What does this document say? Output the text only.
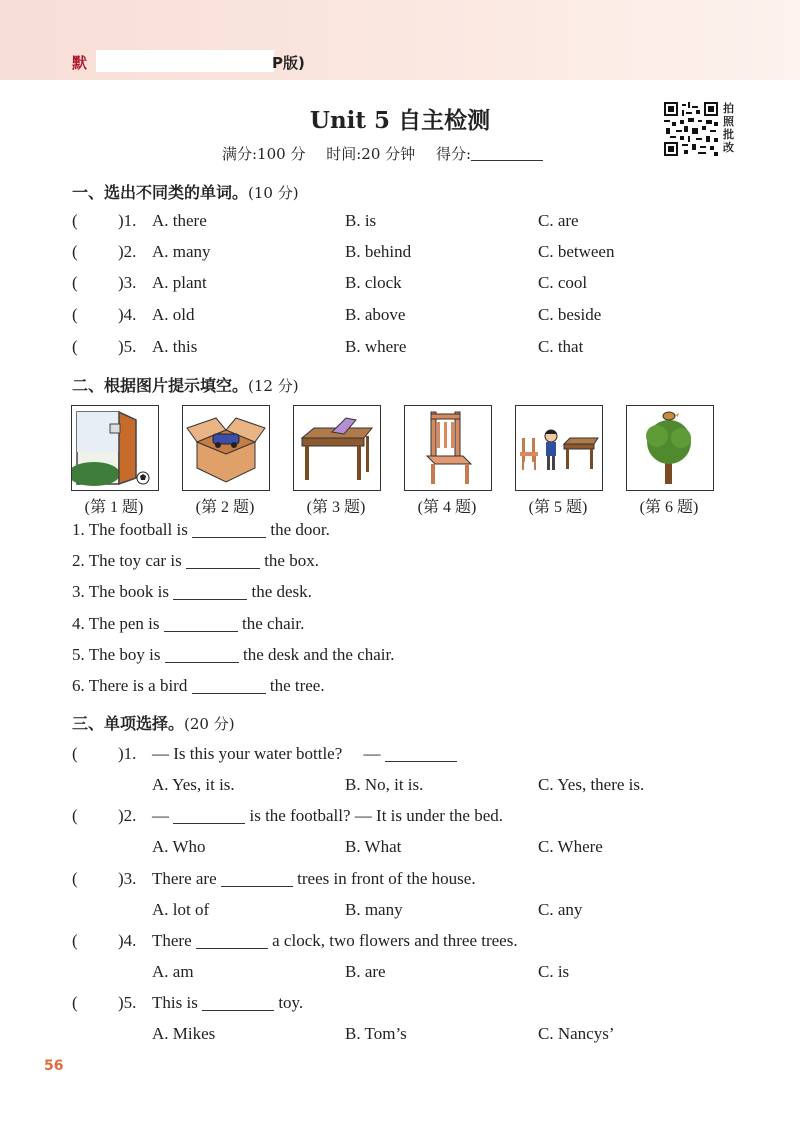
默	P版)
Unit 5 自主检测	拍
照
批
改
满分:100 分 时间:20 分钟 得分:
一、选出不同类的单词。(10 分)
( )1. A. there	B. is	C. are
( )2. A. many	B. behind	C. between
( )3. A. plant	B. clock	C. cool
( )4. A. old	B. above	C. beside
( )5. A. this	B. where	C. that
二、根据图片提示填空。(12 分)
(第 1 题)	(第 2 题)	(第 3 题)	(第 4 题)	(第 5 题)	(第 6 题)
1. The football is	the door.
2. The toy car is	the box.
3. The book is	the desk.
4. The pen is	the chair.
5. The boy is	the desk and the chair.
6. There is a bird	the tree.
三、单项选择。(20 分)
( )1. — Is this your water bottle? —
A. Yes, it is.	B. No, it is.	C. Yes, there is.
( )2. —	is the football? — It is under the bed.
A. Who	B. What	C. Where
( )3. There are	trees in front of the house.
A. lot of	B. many	C. any
( )4. There	a clock, two flowers and three trees.
A. am	B. are	C. is
( )5. This is	toy.
A. Mikes	B. Tom’s	C. Nancys’
56
